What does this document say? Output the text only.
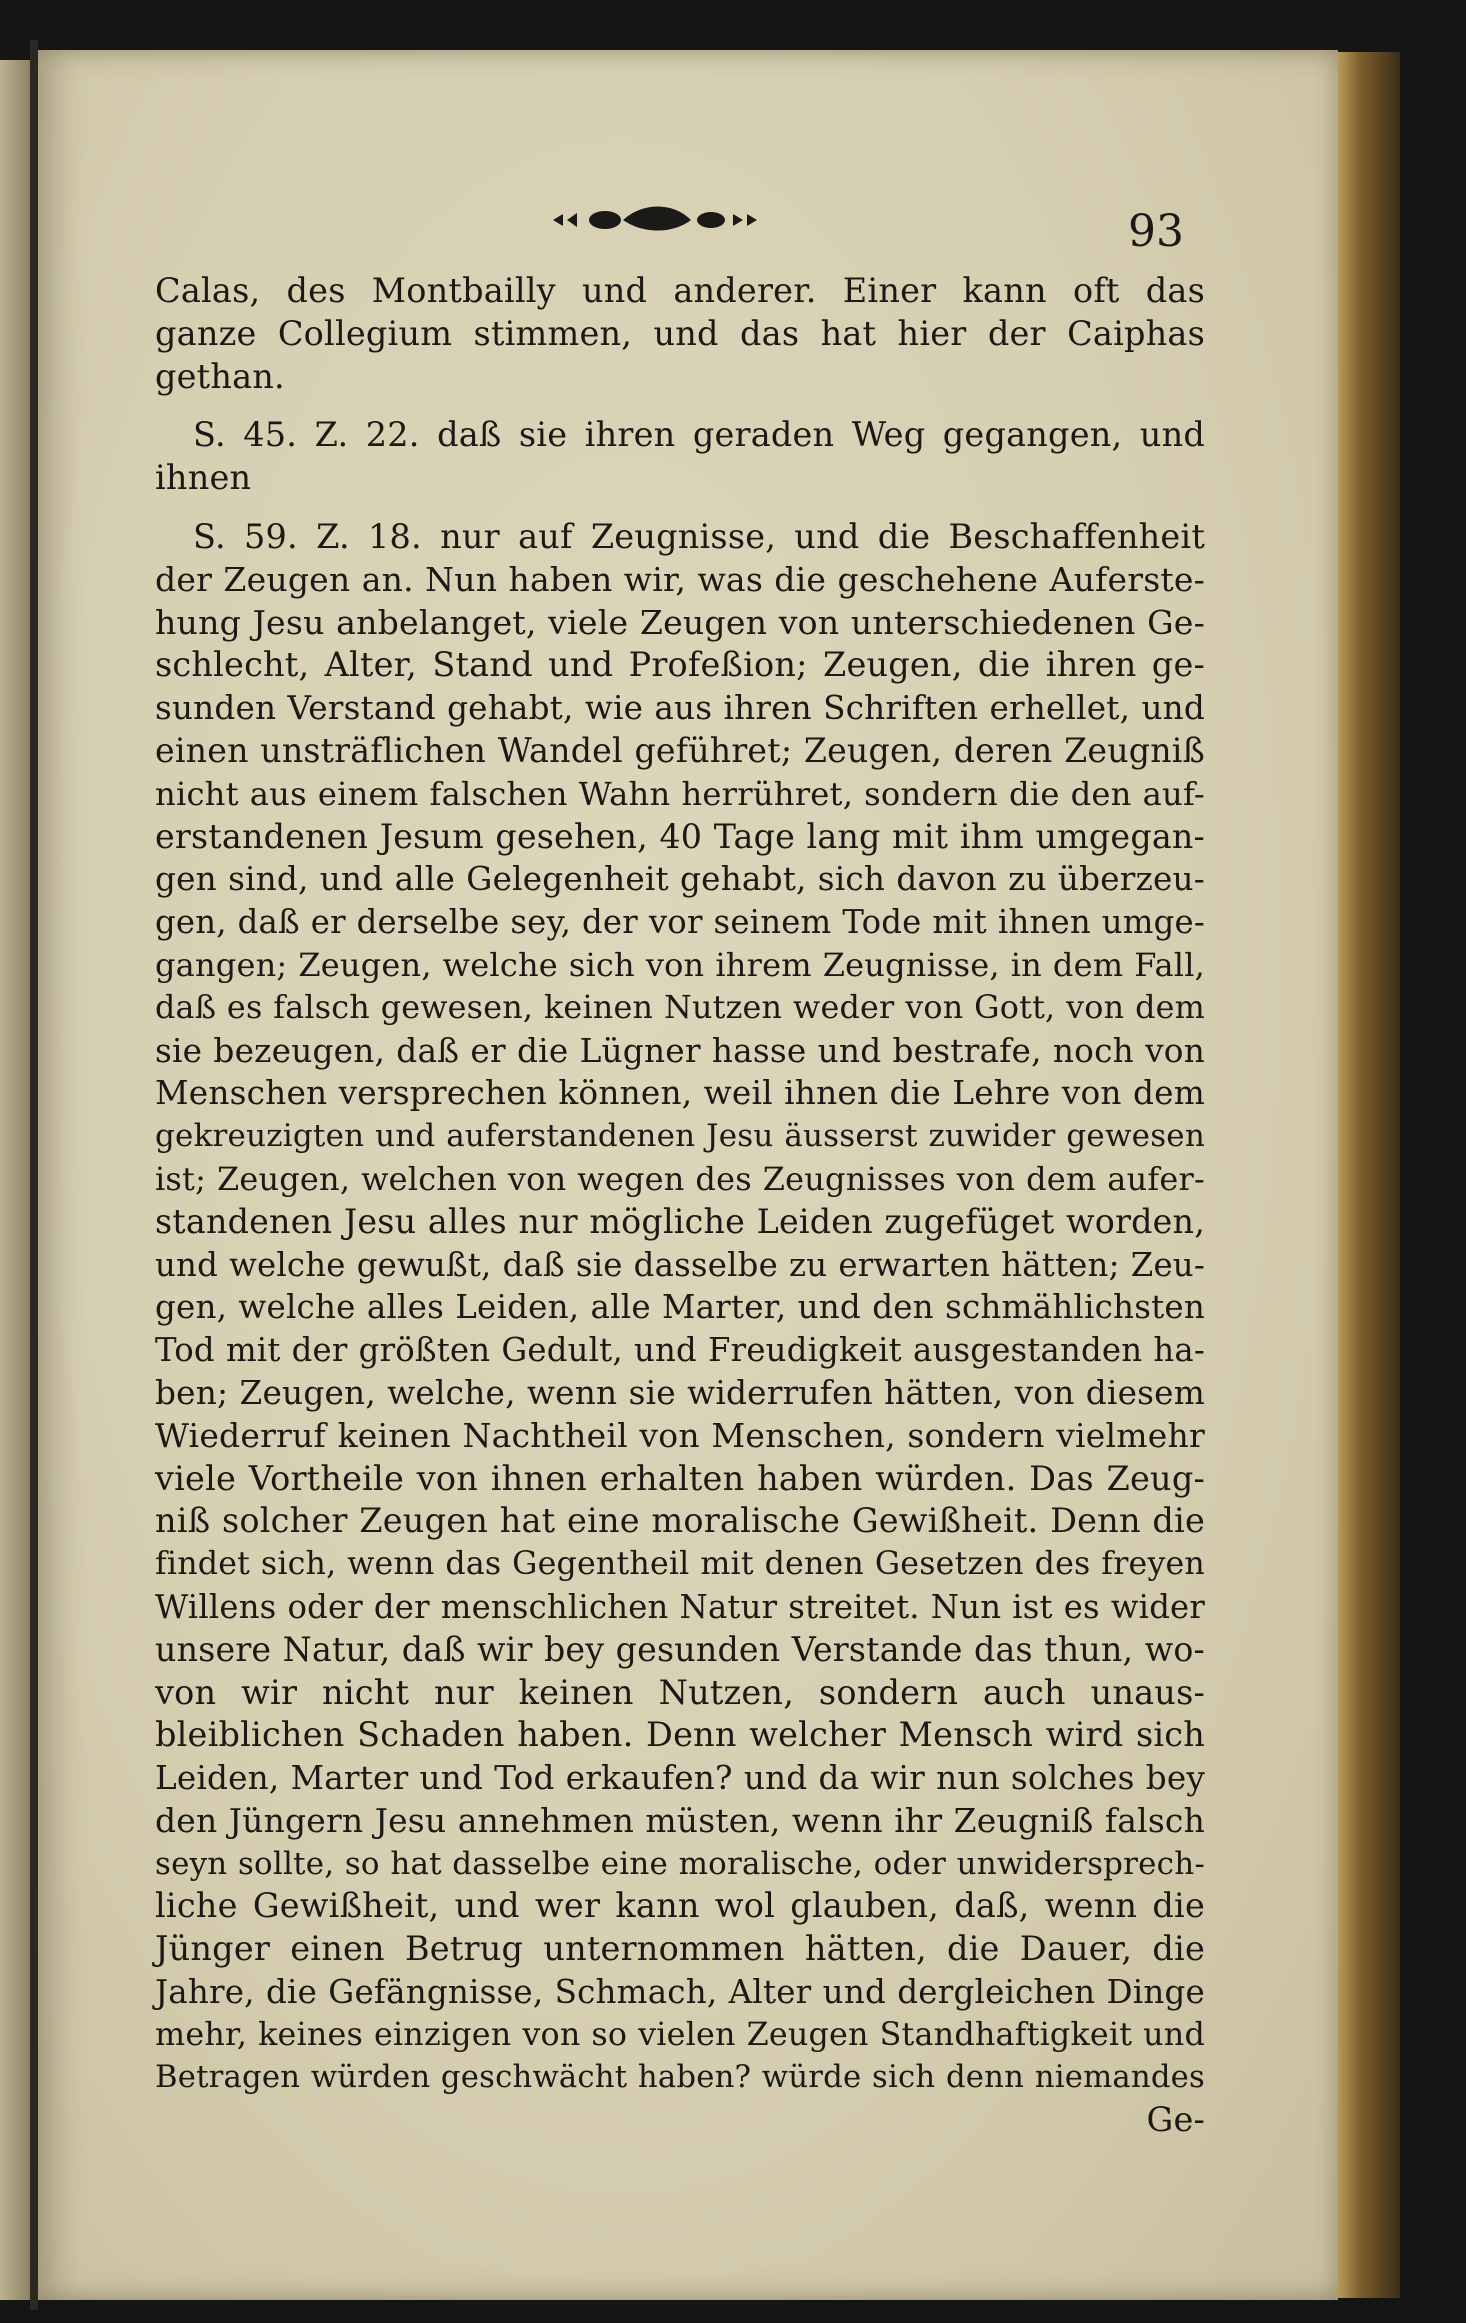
93
Calas, des Montbailly und anderer. Einer kann oft das
ganze Collegium stimmen, und das hat hier der Caiphas
gethan.
S. 45. Z. 22. daß sie ihren geraden Weg gegangen, und
ihnen
S. 59. Z. 18. nur auf Zeugnisse, und die Beschaffenheit
der Zeugen an. Nun haben wir, was die geschehene Auferste-
hung Jesu anbelanget, viele Zeugen von unterschiedenen Ge-
schlecht, Alter, Stand und Profeßion; Zeugen, die ihren ge-
sunden Verstand gehabt, wie aus ihren Schriften erhellet, und
einen unsträflichen Wandel geführet; Zeugen, deren Zeugniß
nicht aus einem falschen Wahn herrühret, sondern die den auf-
erstandenen Jesum gesehen, 40 Tage lang mit ihm umgegan-
gen sind, und alle Gelegenheit gehabt, sich davon zu überzeu-
gen, daß er derselbe sey, der vor seinem Tode mit ihnen umge-
gangen; Zeugen, welche sich von ihrem Zeugnisse, in dem Fall,
daß es falsch gewesen, keinen Nutzen weder von Gott, von dem
sie bezeugen, daß er die Lügner hasse und bestrafe, noch von
Menschen versprechen können, weil ihnen die Lehre von dem
gekreuzigten und auferstandenen Jesu äusserst zuwider gewesen
ist; Zeugen, welchen von wegen des Zeugnisses von dem aufer-
standenen Jesu alles nur mögliche Leiden zugefüget worden,
und welche gewußt, daß sie dasselbe zu erwarten hätten; Zeu-
gen, welche alles Leiden, alle Marter, und den schmählichsten
Tod mit der größten Gedult, und Freudigkeit ausgestanden ha-
ben; Zeugen, welche, wenn sie widerrufen hätten, von diesem
Wiederruf keinen Nachtheil von Menschen, sondern vielmehr
viele Vortheile von ihnen erhalten haben würden. Das Zeug-
niß solcher Zeugen hat eine moralische Gewißheit. Denn die
findet sich, wenn das Gegentheil mit denen Gesetzen des freyen
Willens oder der menschlichen Natur streitet. Nun ist es wider
unsere Natur, daß wir bey gesunden Verstande das thun, wo-
von wir nicht nur keinen Nutzen, sondern auch unaus-
bleiblichen Schaden haben. Denn welcher Mensch wird sich
Leiden, Marter und Tod erkaufen? und da wir nun solches bey
den Jüngern Jesu annehmen müsten, wenn ihr Zeugniß falsch
seyn sollte, so hat dasselbe eine moralische, oder unwidersprech-
liche Gewißheit, und wer kann wol glauben, daß, wenn die
Jünger einen Betrug unternommen hätten, die Dauer, die
Jahre, die Gefängnisse, Schmach, Alter und dergleichen Dinge
mehr, keines einzigen von so vielen Zeugen Standhaftigkeit und
Betragen würden geschwächt haben? würde sich denn niemandes
Ge-
